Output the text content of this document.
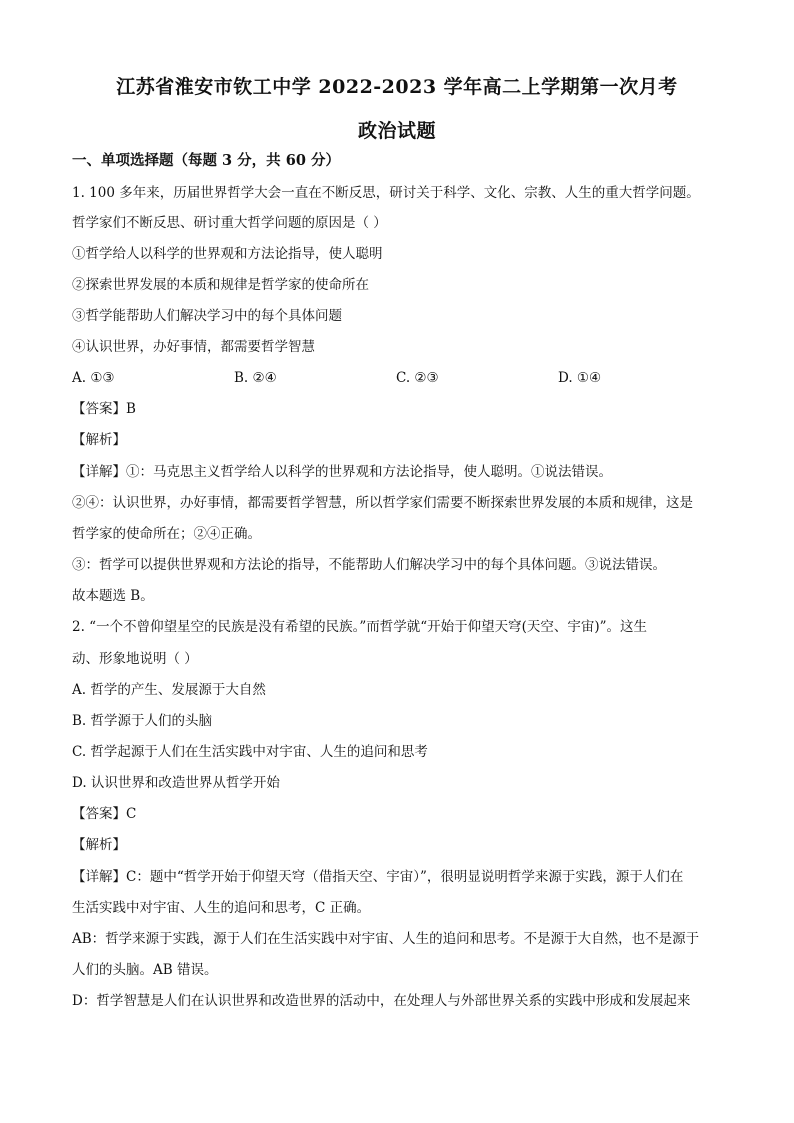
江苏省淮安市钦工中学 2022-2023 学年高二上学期第一次月考
政治试题
一、单项选择题（每题 3 分，共 60 分）
1. 100 多年来，历届世界哲学大会一直在不断反思，研讨关于科学、文化、宗教、人生的重大哲学问题。
哲学家们不断反思、研讨重大哲学问题的原因是（ ）
①哲学给人以科学的世界观和方法论指导，使人聪明
②探索世界发展的本质和规律是哲学家的使命所在
③哲学能帮助人们解决学习中的每个具体问题
④认识世界，办好事情，都需要哲学智慧
A. ①③	B. ②④	C. ②③	D. ①④
【答案】B
【解析】
【详解】①：马克思主义哲学给人以科学的世界观和方法论指导，使人聪明。①说法错误。
②④：认识世界，办好事情，都需要哲学智慧，所以哲学家们需要不断探索世界发展的本质和规律，这是
哲学家的使命所在；②④正确。
③：哲学可以提供世界观和方法论的指导，不能帮助人们解决学习中的每个具体问题。③说法错误。
故本题选 B。
2. “一个不曾仰望星空的民族是没有希望的民族。”而哲学就“开始于仰望天穹(天空、宇宙)”。这生
动、形象地说明（ ）
A. 哲学的产生、发展源于大自然
B. 哲学源于人们的头脑
C. 哲学起源于人们在生活实践中对宇宙、人生的追问和思考
D. 认识世界和改造世界从哲学开始
【答案】C
【解析】
【详解】C：题中“哲学开始于仰望天穹（借指天空、宇宙）”，很明显说明哲学来源于实践，源于人们在
生活实践中对宇宙、人生的追问和思考，C 正确。
AB：哲学来源于实践，源于人们在生活实践中对宇宙、人生的追问和思考。不是源于大自然，也不是源于
人们的头脑。AB 错误。
D：哲学智慧是人们在认识世界和改造世界的活动中，在处理人与外部世界关系的实践中形成和发展起来
